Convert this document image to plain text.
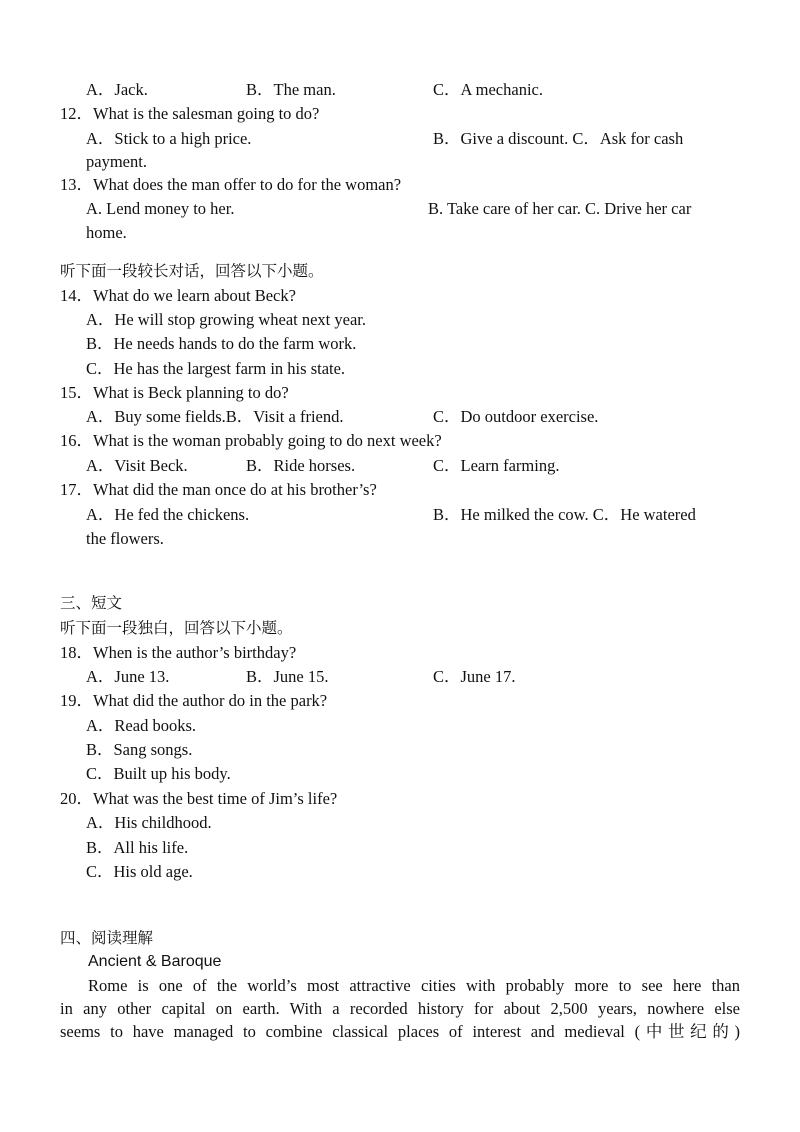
A．Jack.	B．The man.	C．A mechanic.
12．What is the salesman going to do?
A．Stick to a high price.	B．Give a discount. C．Ask for cash
payment.
13．What does the man offer to do for the woman?
A. Lend money to her.	B. Take care of her car. C. Drive her car
home.
听下面一段较长对话，回答以下小题。
14．What do we learn about Beck?
A．He will stop growing wheat next year.
B．He needs hands to do the farm work.
C．He has the largest farm in his state.
15．What is Beck planning to do?
A．Buy some fields.B．Visit a friend.	C．Do outdoor exercise.
16．What is the woman probably going to do next week?
A．Visit Beck.	B．Ride horses.	C．Learn farming.
17．What did the man once do at his brother’s?
A．He fed the chickens.	B．He milked the cow. C．He watered
the flowers.
三、短文
听下面一段独白，回答以下小题。
18．When is the author’s birthday?
A．June 13.	B．June 15.	C．June 17.
19．What did the author do in the park?
A．Read books.
B．Sang songs.
C．Built up his body.
20．What was the best time of Jim’s life?
A．His childhood.
B．All his life.
C．His old age.
四、阅读理解
Ancient & Baroque
Rome is one of the world’s most attractive cities with probably more to see here than
in any other capital on earth. With a recorded history for about 2,500 years, nowhere else
seems to have managed to combine classical places of interest and medieval (中世纪的)
